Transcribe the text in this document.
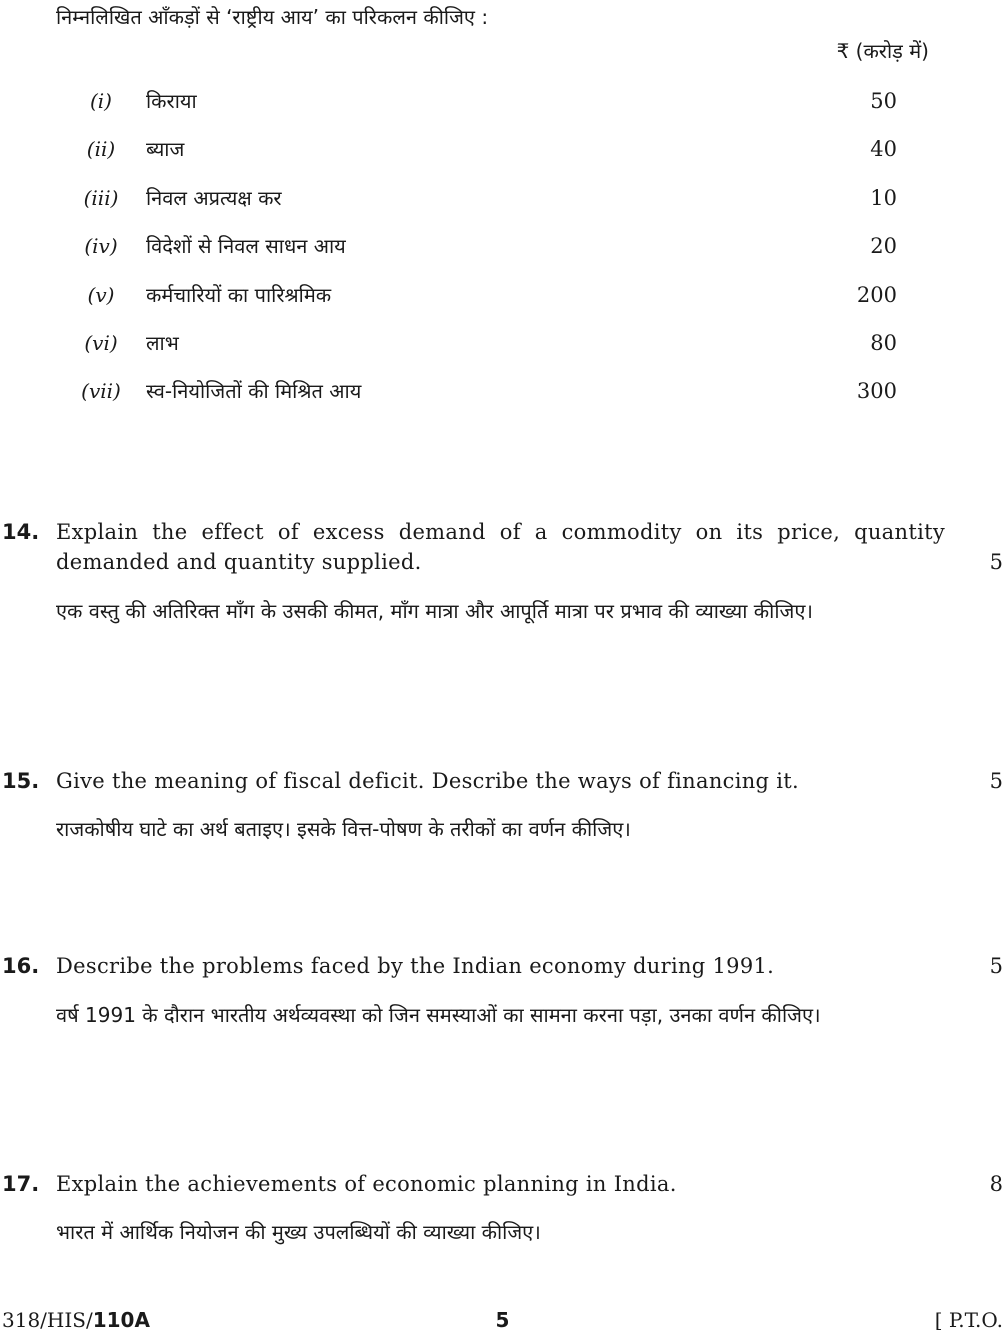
निम्नलिखित आँकड़ों से ‘राष्ट्रीय आय’ का परिकलन कीजिए :
₹ (करोड़ में)
(i)	किराया	50
(ii)	ब्याज	40
(iii)	निवल अप्रत्यक्ष कर	10
(iv)	विदेशों से निवल साधन आय	20
(v)	कर्मचारियों का पारिश्रमिक	200
(vi)	लाभ	80
(vii)	स्व-नियोजितों की मिश्रित आय	300
14. Explain the effect of excess demand of a commodity on its price, quantity
demanded and quantity supplied.	5
एक वस्तु की अतिरिक्त माँग के उसकी कीमत, माँग मात्रा और आपूर्ति मात्रा पर प्रभाव की व्याख्या कीजिए।
15. Give the meaning of fiscal deficit. Describe the ways of financing it.	5
राजकोषीय घाटे का अर्थ बताइए। इसके वित्त-पोषण के तरीकों का वर्णन कीजिए।
16. Describe the problems faced by the Indian economy during 1991.	5
वर्ष 1991 के दौरान भारतीय अर्थव्यवस्था को जिन समस्याओं का सामना करना पड़ा, उनका वर्णन कीजिए।
17. Explain the achievements of economic planning in India.	8
भारत में आर्थिक नियोजन की मुख्य उपलब्धियों की व्याख्या कीजिए।
318/HIS/110A	5	[ P.T.O.
